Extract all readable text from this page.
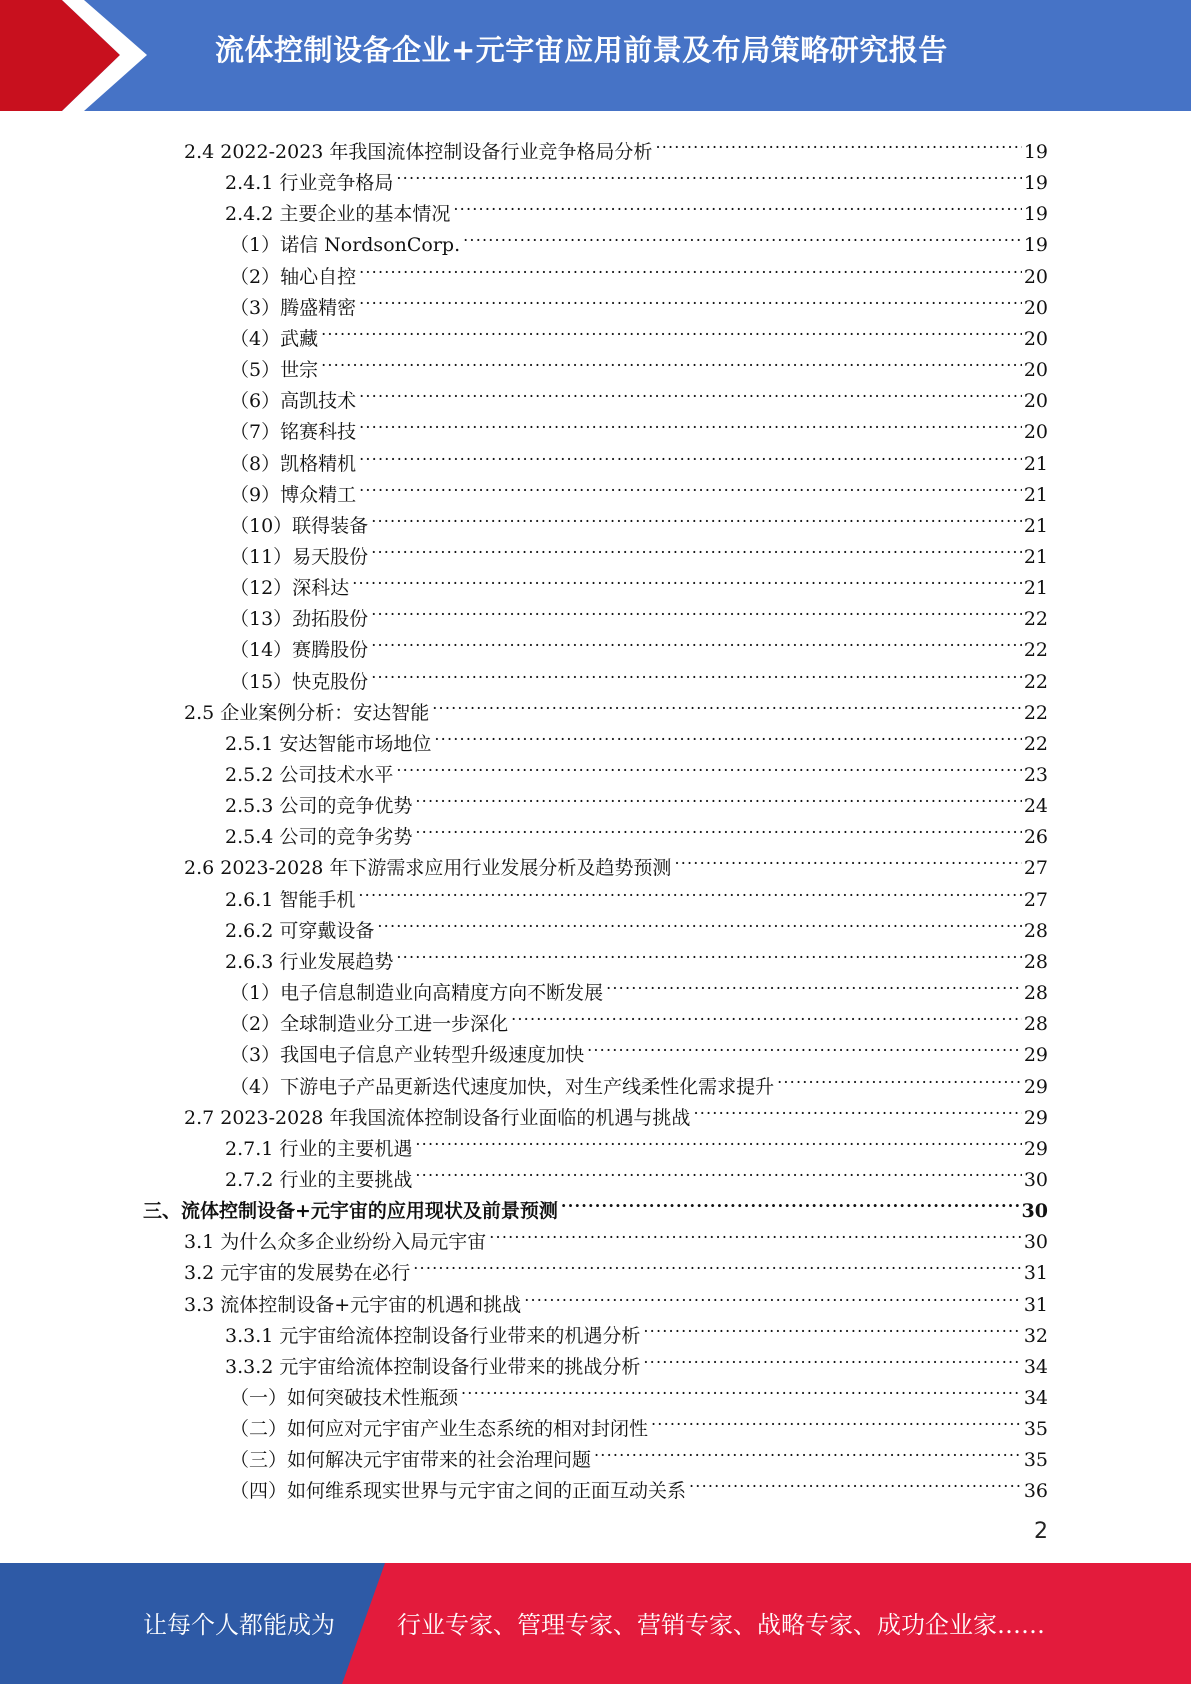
流体控制设备企业+元宇宙应用前景及布局策略研究报告
2.4 2022-2023 年我国流体控制设备行业竞争格局分析 .....	19
2.4.1 行业竞争格局 .....	19
2.4.2 主要企业的基本情况 .....	19
（1）诺信 NordsonCorp. .....	19
（2）轴心自控 .....	20
（3）腾盛精密 .....	20
（4）武藏 .....	20
（5）世宗 .....	20
（6）高凯技术 .....	20
（7）铭赛科技 .....	20
（8）凯格精机 .....	21
（9）博众精工 .....	21
（10）联得装备 .....	21
（11）易天股份 .....	21
（12）深科达 .....	21
（13）劲拓股份 .....	22
（14）赛腾股份 .....	22
（15）快克股份 .....	22
2.5 企业案例分析：安达智能 .....	22
2.5.1 安达智能市场地位 .....	22
2.5.2 公司技术水平 .....	23
2.5.3 公司的竞争优势 .....	24
2.5.4 公司的竞争劣势 .....	26
2.6 2023-2028 年下游需求应用行业发展分析及趋势预测 .....	27
2.6.1 智能手机 .....	27
2.6.2 可穿戴设备 .....	28
2.6.3 行业发展趋势 .....	28
（1）电子信息制造业向高精度方向不断发展 .....	28
（2）全球制造业分工进一步深化 .....	28
（3）我国电子信息产业转型升级速度加快 .....	29
（4）下游电子产品更新迭代速度加快，对生产线柔性化需求提升 .....	29
2.7 2023-2028 年我国流体控制设备行业面临的机遇与挑战 .....	29
2.7.1 行业的主要机遇 .....	29
2.7.2 行业的主要挑战 .....	30
三、流体控制设备+元宇宙的应用现状及前景预测 .....	30
3.1 为什么众多企业纷纷入局元宇宙 .....	30
3.2 元宇宙的发展势在必行 .....	31
3.3 流体控制设备+元宇宙的机遇和挑战 .....	31
3.3.1 元宇宙给流体控制设备行业带来的机遇分析 .....	32
3.3.2 元宇宙给流体控制设备行业带来的挑战分析 .....	34
（一）如何突破技术性瓶颈 .....	34
（二）如何应对元宇宙产业生态系统的相对封闭性 .....	35
（三）如何解决元宇宙带来的社会治理问题 .....	35
（四）如何维系现实世界与元宇宙之间的正面互动关系 .....	36
2
让每个人都能成为	行业专家、管理专家、营销专家、战略专家、成功企业家……
